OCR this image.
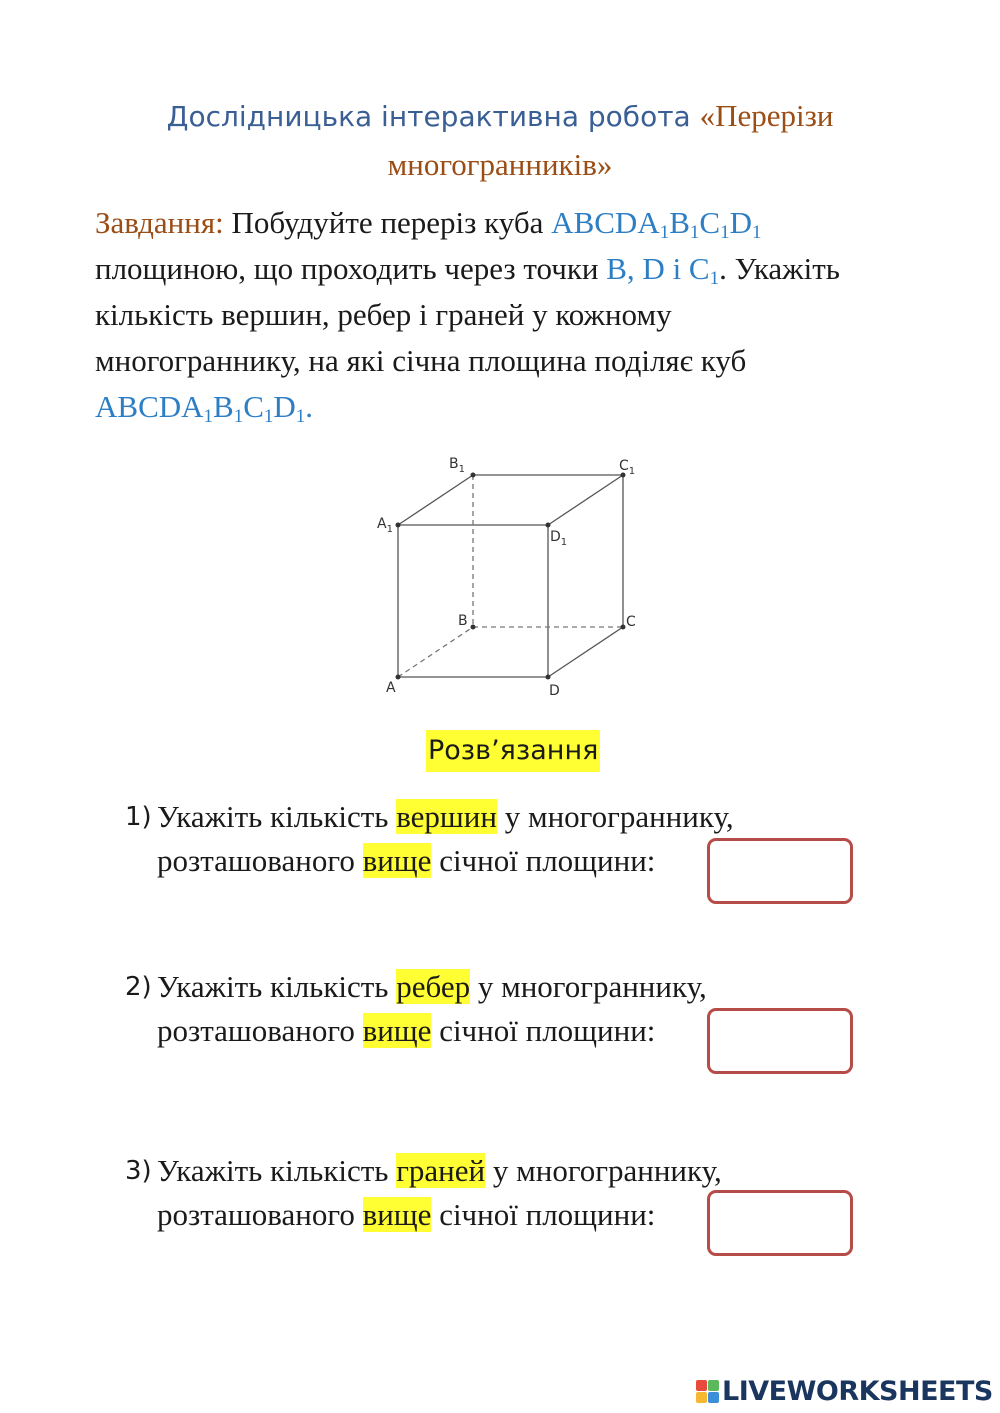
Дослідницька інтерактивна робота «Перерізи
многогранників»
Завдання: Побудуйте переріз куба $ABCDA_1B_1C_1D_1$
площиною, що проходить через точки B, D і $C_1$. Укажіть
кількість вершин, ребер і граней у кожному
многограннику, на які січна площина поділяє куб
$ABCDA_1B_1C_1D_1$.
$A_1$	$D_1$
$B_1$	$C_1$
A	D
B	C
Розв’язання
1) Укажіть кількість вершин у многограннику,
розташованого вище січної площини:
2) Укажіть кількість ребер у многограннику,
розташованого вище січної площини:
3) Укажіть кількість граней у многограннику,
розташованого вище січної площини:
LIVEWORKSHEETS
